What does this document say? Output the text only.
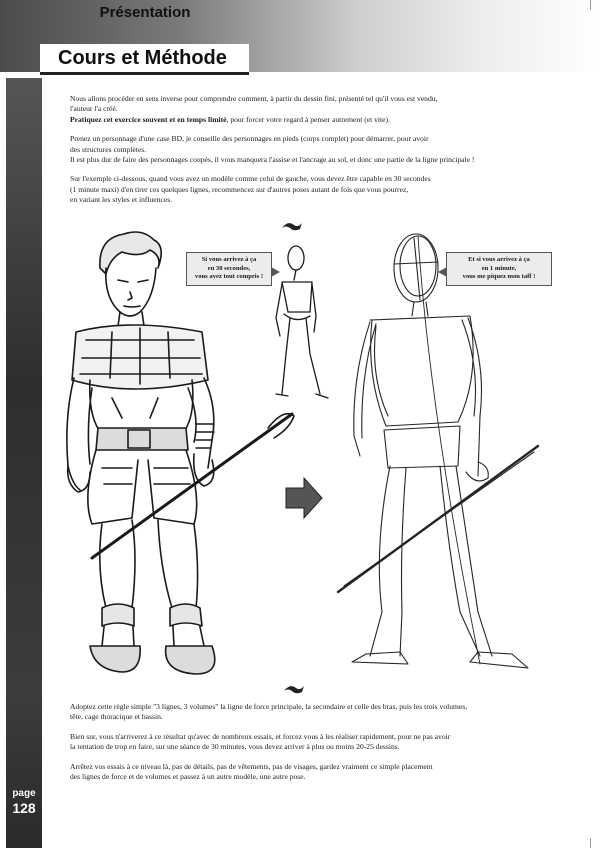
Présentation
Cours et Méthode
page
128

Nous allons procéder en sens inverse pour comprendre comment, à partir du dessin fini, présenté tel qu'il vous est vendu,

l'auteur l'a créé.

Pratiquez cet exercice souvent et en temps limité, pour forcer votre regard à penser autrement (et vite).

Prenez un personnage d'une case BD, je conseille des personnages en pieds (corps complet) pour démarrer, pour avoir

des structures complètes.

Il est plus dur de faire des personnages coupés, il vous manquera l'assise et l'ancrage au sol, et donc une partie de la ligne principale !

Sur l'exemple ci-dessous, quand vous avez un modèle comme celui de gauche, vous devez être capable en 30 secondes

(1 minute maxi) d'en tirer ces quelques lignes, recommencez sur d'autres poses autant de fois que vous pourrez,

en variant les styles et influences.

Si vous arrivez à ça
en 30 secondes,
vous avez tout compris !
Et si vous arrivez à ça
en 1 minute,
vous me piquez mon taff !

Adoptez cette règle simple "3 lignes, 3 volumes" la ligne de force principale, la secondaire et celle des bras, puis les trois volumes,

tête, cage thoracique et bassin.

Bien sur, vous n'arriverez à ce résultat qu'avec de nombreux essais, et forcez vous à les réaliser rapidement, pour ne pas avoir

la tentation de trop en faire, sur une séance de 30 minutes, vous devez arriver à plus ou moins 20-25 dessins.

Arrêtez vos essais à ce niveau là, pas de détails, pas de vêtements, pas de visages, gardez vraiment ce simple placement

des lignes de force et de volumes et passez à un autre modèle, une autre pose.
